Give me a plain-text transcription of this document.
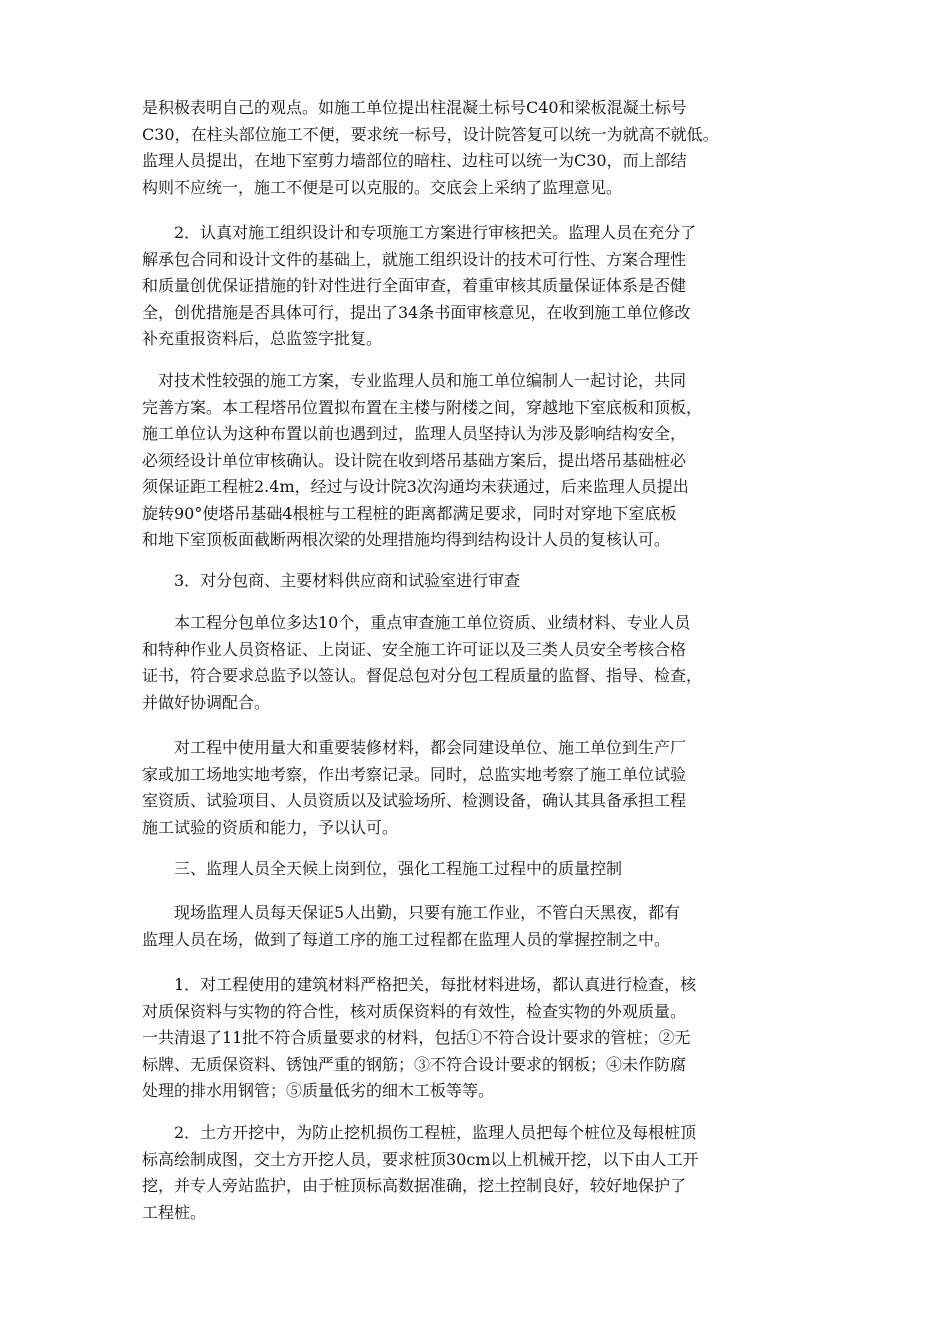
是积极表明自己的观点。如施工单位提出柱混凝土标号C40和梁板混凝土标号
C30，在柱头部位施工不便，要求统一标号，设计院答复可以统一为就高不就低。
监理人员提出，在地下室剪力墙部位的暗柱、边柱可以统一为C30，而上部结
构则不应统一，施工不便是可以克服的。交底会上采纳了监理意见。

　　2．认真对施工组织设计和专项施工方案进行审核把关。监理人员在充分了
解承包合同和设计文件的基础上，就施工组织设计的技术可行性、方案合理性
和质量创优保证措施的针对性进行全面审查，着重审核其质量保证体系是否健
全，创优措施是否具体可行，提出了34条书面审核意见，在收到施工单位修改
补充重报资料后，总监签字批复。

　对技术性较强的施工方案，专业监理人员和施工单位编制人一起讨论，共同
完善方案。本工程塔吊位置拟布置在主楼与附楼之间，穿越地下室底板和顶板，
施工单位认为这种布置以前也遇到过，监理人员坚持认为涉及影响结构安全，
必须经设计单位审核确认。设计院在收到塔吊基础方案后，提出塔吊基础桩必
须保证距工程桩2.4m，经过与设计院3次沟通均未获通过，后来监理人员提出
旋转90°使塔吊基础4根桩与工程桩的距离都满足要求，同时对穿地下室底板
和地下室顶板面截断两根次梁的处理措施均得到结构设计人员的复核认可。

　　3．对分包商、主要材料供应商和试验室进行审查

　　本工程分包单位多达10个，重点审查施工单位资质、业绩材料、专业人员
和特种作业人员资格证、上岗证、安全施工许可证以及三类人员安全考核合格
证书，符合要求总监予以签认。督促总包对分包工程质量的监督、指导、检查，
并做好协调配合。

　　对工程中使用量大和重要装修材料，都会同建设单位、施工单位到生产厂
家或加工场地实地考察，作出考察记录。同时，总监实地考察了施工单位试验
室资质、试验项目、人员资质以及试验场所、检测设备，确认其具备承担工程
施工试验的资质和能力，予以认可。

　　三、监理人员全天候上岗到位，强化工程施工过程中的质量控制

　　现场监理人员每天保证5人出勤，只要有施工作业，不管白天黑夜，都有
监理人员在场，做到了每道工序的施工过程都在监理人员的掌握控制之中。

　　1．对工程使用的建筑材料严格把关，每批材料进场，都认真进行检查，核
对质保资料与实物的符合性，核对质保资料的有效性，检查实物的外观质量。
一共清退了11批不符合质量要求的材料，包括①不符合设计要求的管桩；②无
标牌、无质保资料、锈蚀严重的钢筋；③不符合设计要求的钢板；④未作防腐
处理的排水用钢管；⑤质量低劣的细木工板等等。

　　2．土方开挖中，为防止挖机损伤工程桩，监理人员把每个桩位及每根桩顶
标高绘制成图，交土方开挖人员，要求桩顶30cm以上机械开挖，以下由人工开
挖，并专人旁站监护，由于桩顶标高数据准确，挖土控制良好，较好地保护了
工程桩。
